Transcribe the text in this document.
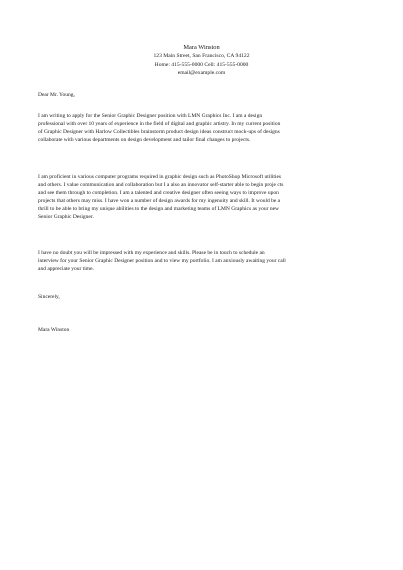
Mara Winston
123 Main Street, San Francisco, CA 94122
Home: 415-555-0000 Cell: 415-555-0000
email@example.com
Dear Mr. Young,
I am writing to apply for the Senior Graphic Designer position with LMN Graphics Inc. I am a design
professional with over 10 years of experience in the field of digital and graphic artistry. In my current position
of Graphic Designer with Harlow Collectibles brainstorm product design ideas construct mock-ups of designs
collaborate with various departments on design development and tailor final changes to projects.
I am proficient in various computer programs required in graphic design such as PhotoShop Microsoft utilities
and others. I value communication and collaboration but I a also an innovator self-starter able to begin proje cts
and see them through to completion. I am a talented and creative designer often seeing ways to improve upon
projects that others may miss. I have won a number of design awards for my ingenuity and skill. It would be a
thrill to be able to bring my unique abilities to the design and marketing teams of LMN Graphics as your new
Senior Graphic Designer.
I have no doubt you will be impressed with my experience and skills. Please be in touch to schedule an
interview for your Senior Graphic Designer position and to view my portfolio. I am anxiously awaiting your call
and appreciate your time.
Sincerely,
Mara Winston
